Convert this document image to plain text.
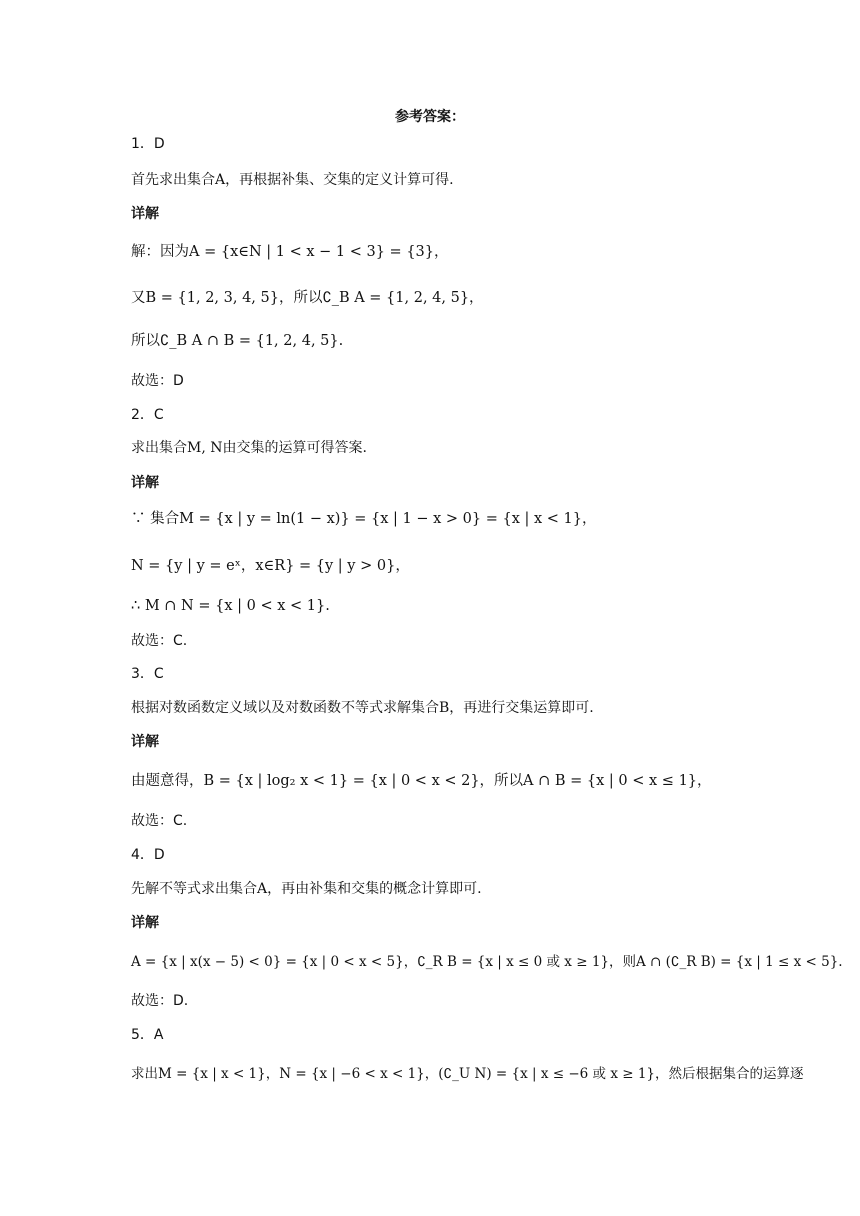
参考答案：
1．D
首先求出集合A，再根据补集、交集的定义计算可得.
详解
解：因为A = {x∈N | 1 < x − 1 < 3} = {3}，
又B = {1, 2, 3, 4, 5}，所以∁_B A = {1, 2, 4, 5}，
所以∁_B A ∩ B = {1, 2, 4, 5}.
故选：D
2．C
求出集合M, N由交集的运算可得答案.
详解
∵ 集合M = {x | y = ln(1 − x)} = {x | 1 − x > 0} = {x | x < 1}，
N = {y | y = eˣ，x∈R} = {y | y > 0}，
∴ M ∩ N = {x | 0 < x < 1}.
故选：C.
3．C
根据对数函数定义域以及对数函数不等式求解集合B，再进行交集运算即可.
详解
由题意得，B = {x | log₂ x < 1} = {x | 0 < x < 2}，所以A ∩ B = {x | 0 < x ≤ 1}，
故选：C.
4．D
先解不等式求出集合A，再由补集和交集的概念计算即可.
详解
A = {x | x(x − 5) < 0} = {x | 0 < x < 5}，∁_R B = {x | x ≤ 0 或 x ≥ 1}，则A ∩ (∁_R B) = {x | 1 ≤ x < 5}.
故选：D.
5．A
求出M = {x | x < 1}，N = {x | −6 < x < 1}，(∁_U N) = {x | x ≤ −6 或 x ≥ 1}，然后根据集合的运算逐
